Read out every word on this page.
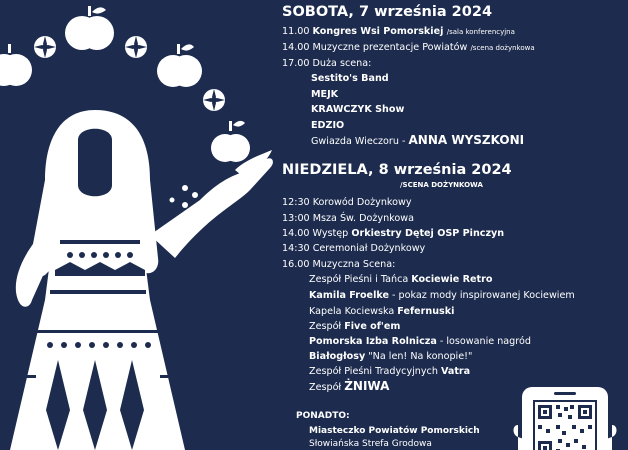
SOBOTA, 7 września 2024
11.00 Kongres Wsi Pomorskiej /sala konferencyjna
14.00 Muzyczne prezentacje Powiatów /scena dożynkowa
17.00 Duża scena:
Sestito's Band
MEJK
KRAWCZYK Show
EDZIO
Gwiazda Wieczoru - ANNA WYSZKONI
NIEDZIELA, 8 września 2024
/SCENA DOŻYNKOWA
12:30 Korowód Dożynkowy
13:00 Msza Św. Dożynkowa
14.00 Występ Orkiestry Dętej OSP Pinczyn
14:30 Ceremoniał Dożynkowy
16.00 Muzyczna Scena:
Zespół Pieśni i Tańca Kociewie Retro
Kamila Froelke - pokaz mody inspirowanej Kociewiem
Kapela Kociewska Fefernuski
Zespół Five of'em
Pomorska Izba Rolnicza - losowanie nagród
Białogłosy "Na len! Na konopie!"
Zespół Pieśni Tradycyjnych Vatra
Zespół ŻNIWA
PONADTO:
Miasteczko Powiatów Pomorskich
Słowiańska Strefa Grodowa
